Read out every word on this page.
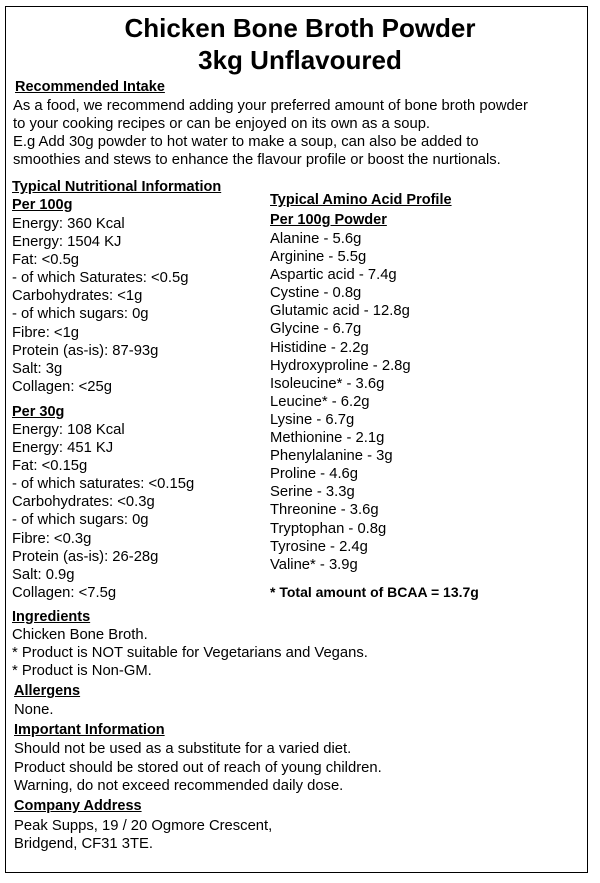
Chicken Bone Broth Powder
3kg Unflavoured
Recommended Intake
As a food, we recommend adding your preferred amount of bone broth powder
to your cooking recipes or can be enjoyed on its own as a soup.
E.g Add 30g powder to hot water to make a soup, can also be added to
smoothies and stews to enhance the flavour profile or boost the nurtionals.
Typical Nutritional Information
Per 100g
Energy: 360 Kcal
Energy: 1504 KJ
Fat: <0.5g
- of which Saturates: <0.5g
Carbohydrates: <1g
- of which sugars: 0g
Fibre: <1g
Protein (as-is): 87-93g
Salt: 3g
Collagen: <25g
Per 30g
Energy: 108 Kcal
Energy: 451 KJ
Fat: <0.15g
- of which saturates: <0.15g
Carbohydrates: <0.3g
- of which sugars: 0g
Fibre: <0.3g
Protein (as-is): 26-28g
Salt: 0.9g
Collagen: <7.5g
Typical Amino Acid Profile
Per 100g Powder
Alanine - 5.6g
Arginine - 5.5g
Aspartic acid - 7.4g
Cystine - 0.8g
Glutamic acid - 12.8g
Glycine - 6.7g
Histidine - 2.2g
Hydroxyproline - 2.8g
Isoleucine* - 3.6g
Leucine* - 6.2g
Lysine - 6.7g
Methionine - 2.1g
Phenylalanine - 3g
Proline - 4.6g
Serine - 3.3g
Threonine - 3.6g
Tryptophan - 0.8g
Tyrosine - 2.4g
Valine* - 3.9g
* Total amount of BCAA = 13.7g
Ingredients
Chicken Bone Broth.
* Product is NOT suitable for Vegetarians and Vegans.
* Product is Non-GM.
Allergens
None.
Important Information
Should not be used as a substitute for a varied diet.
Product should be stored out of reach of young children.
Warning, do not exceed recommended daily dose.
Company Address
Peak Supps, 19 / 20 Ogmore Crescent,
Bridgend, CF31 3TE.
